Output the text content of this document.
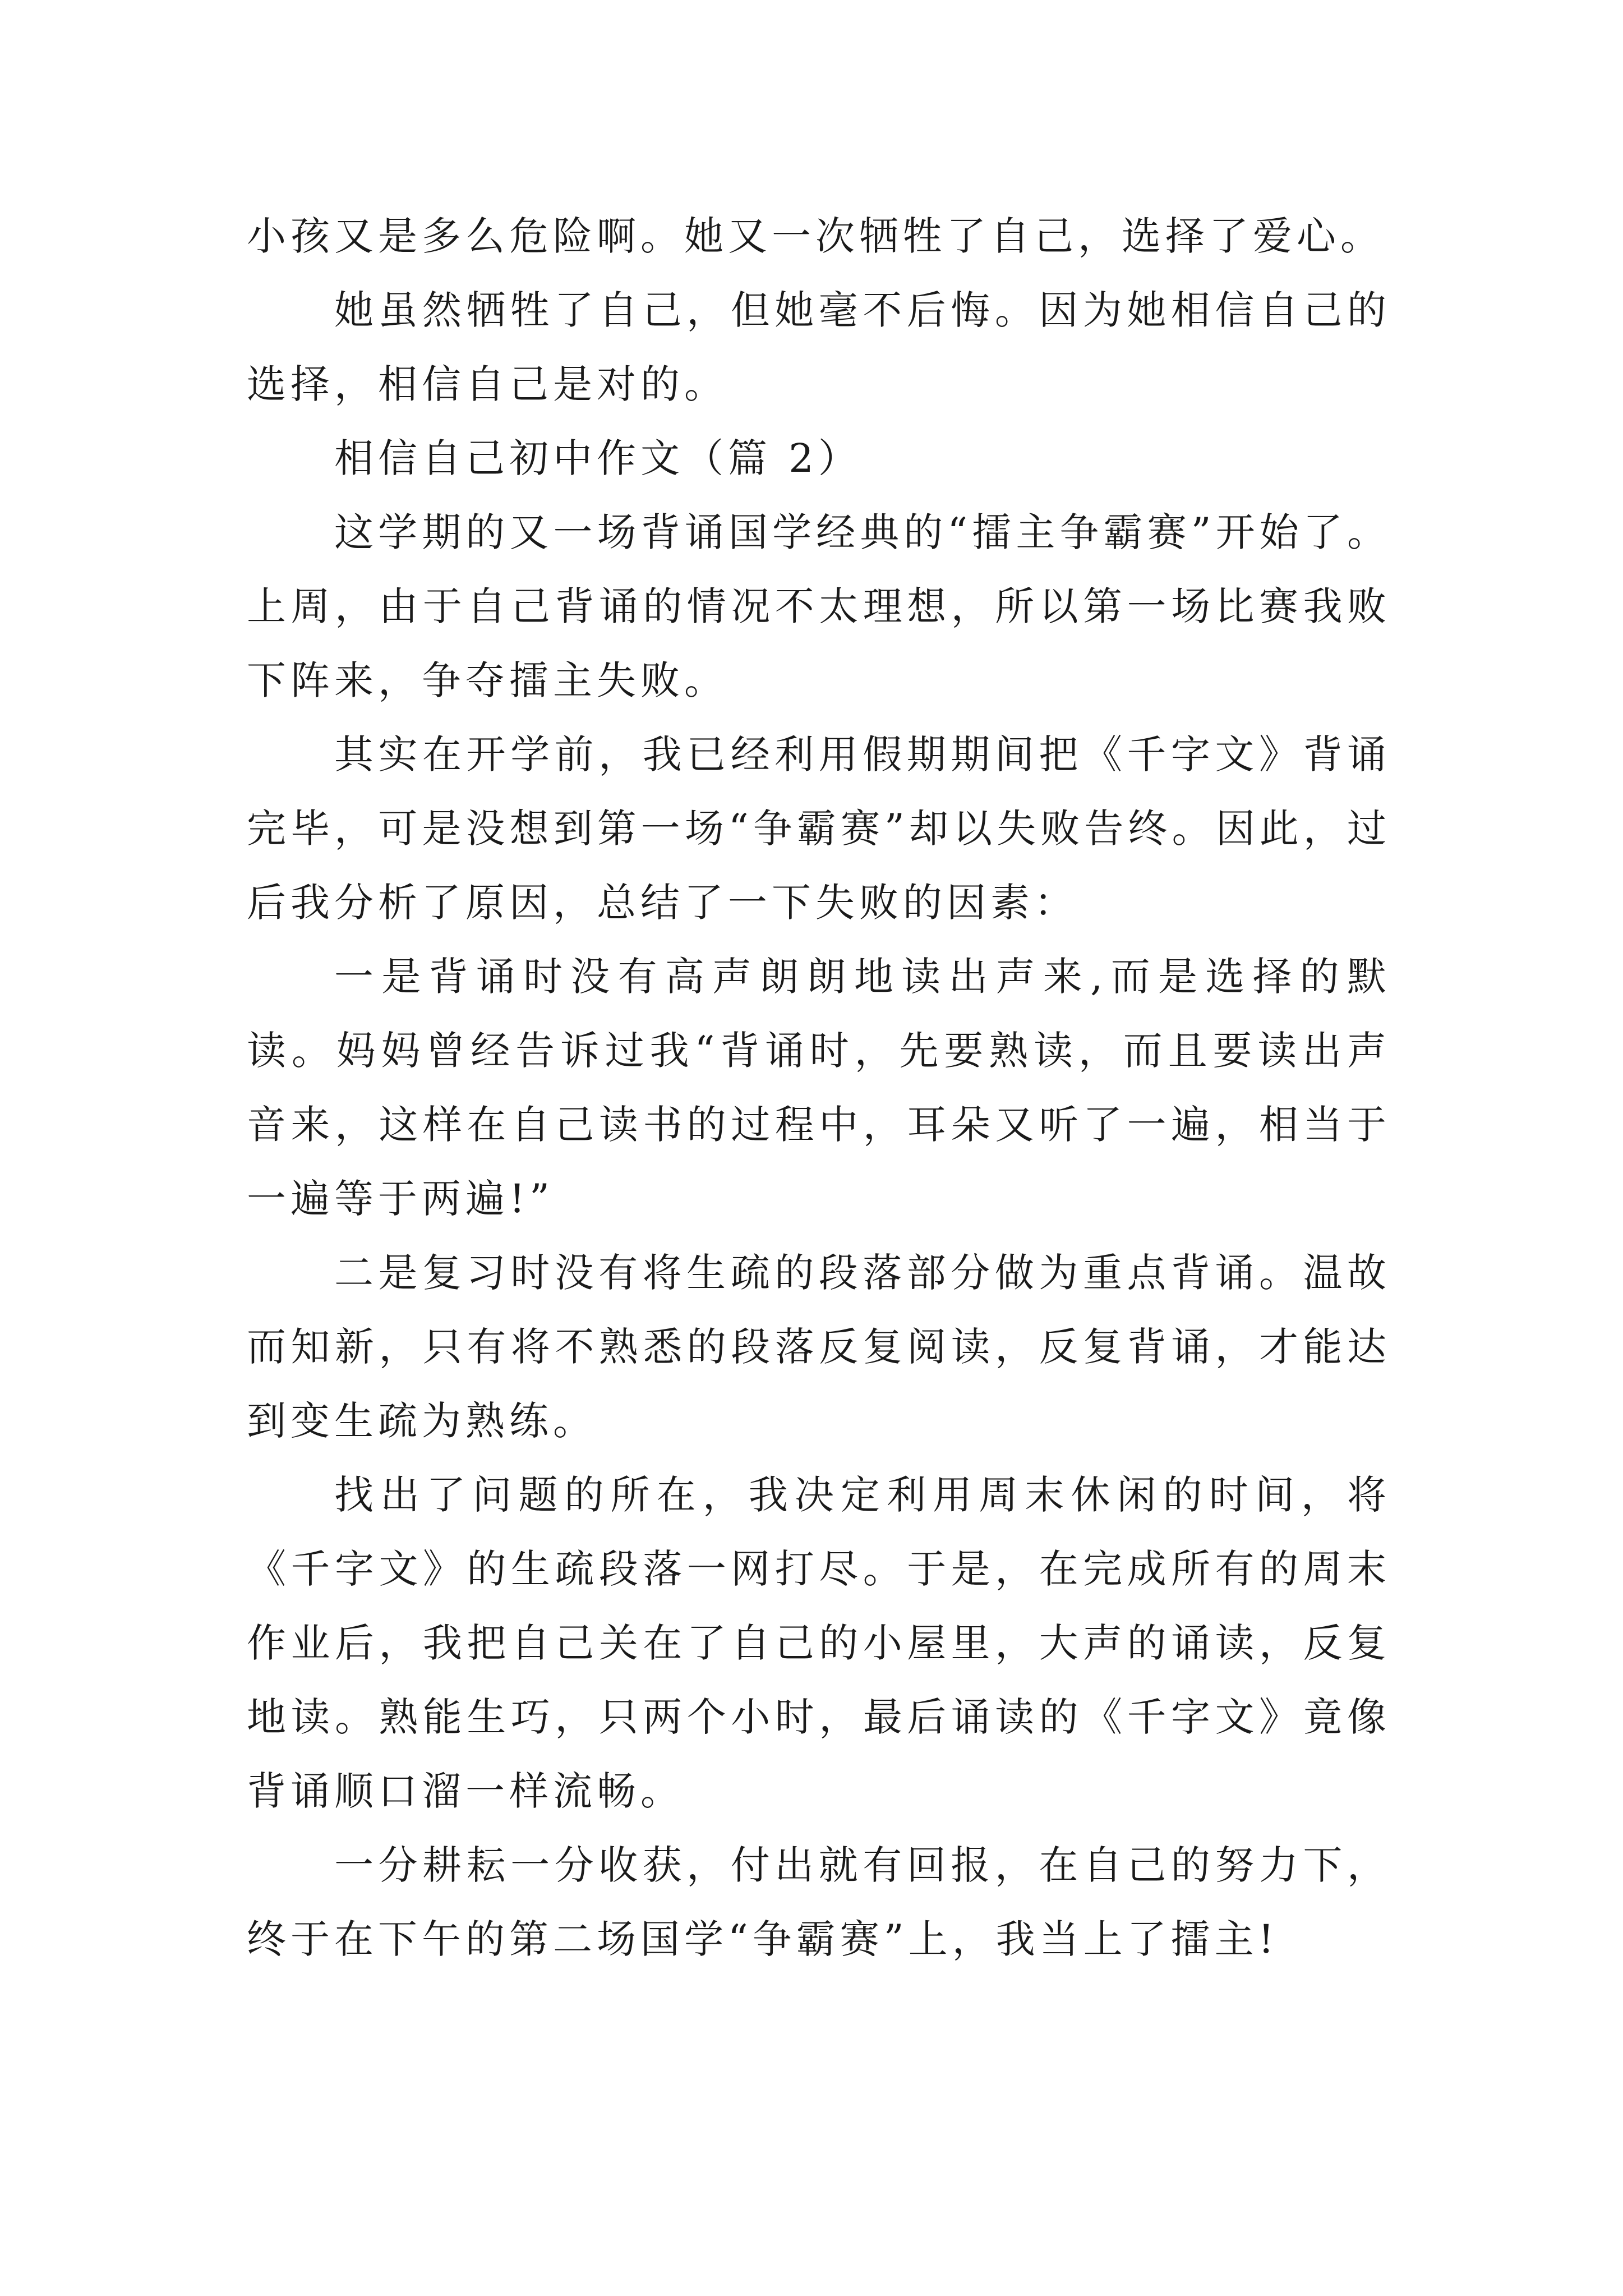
小孩又是多么危险啊。她又一次牺牲了自己，选择了爱心。

她虽然牺牲了自己，但她毫不后悔。因为她相信自己的选择，相信自己是对的。

相信自己初中作文（篇 2）

这学期的又一场背诵国学经典的“擂主争霸赛”开始了。上周，由于自己背诵的情况不太理想，所以第一场比赛我败下阵来，争夺擂主失败。

其实在开学前，我已经利用假期期间把《千字文》背诵完毕，可是没想到第一场“争霸赛”却以失败告终。因此，过后我分析了原因，总结了一下失败的因素：

一是背诵时没有高声朗朗地读出声来,而是选择的默读。妈妈曾经告诉过我“背诵时，先要熟读，而且要读出声音来，这样在自己读书的过程中，耳朵又听了一遍，相当于一遍等于两遍!”

二是复习时没有将生疏的段落部分做为重点背诵。温故而知新，只有将不熟悉的段落反复阅读，反复背诵，才能达到变生疏为熟练。

找出了问题的所在，我决定利用周末休闲的时间，将《千字文》的生疏段落一网打尽。于是，在完成所有的周末作业后，我把自己关在了自己的小屋里，大声的诵读，反复地读。熟能生巧，只两个小时，最后诵读的《千字文》竟像背诵顺口溜一样流畅。

一分耕耘一分收获，付出就有回报，在自己的努力下，终于在下午的第二场国学“争霸赛”上，我当上了擂主!
